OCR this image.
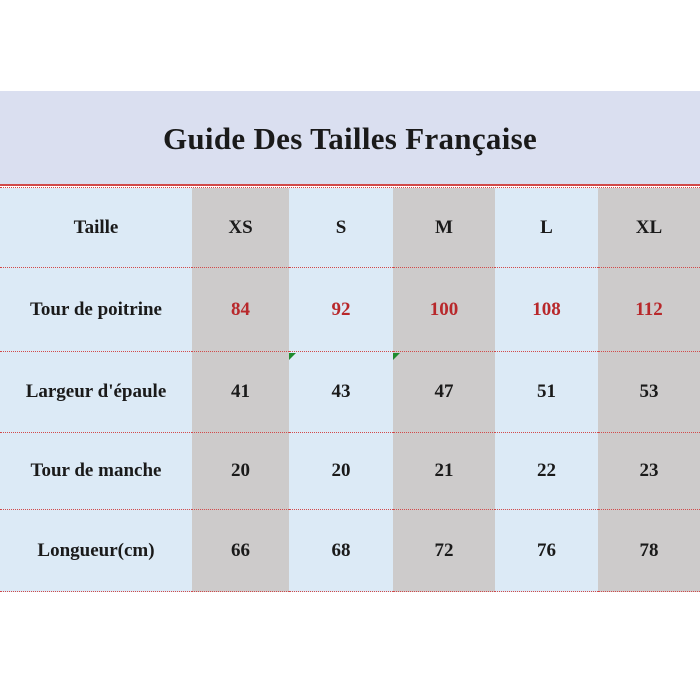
Guide Des Tailles Française
Taille	XS	S	M	L	XL
Tour de poitrine	84	92	100	108	112
Largeur d'épaule	41	43	47	51	53
Tour de manche	20	20	21	22	23
Longueur(cm)	66	68	72	76	78
